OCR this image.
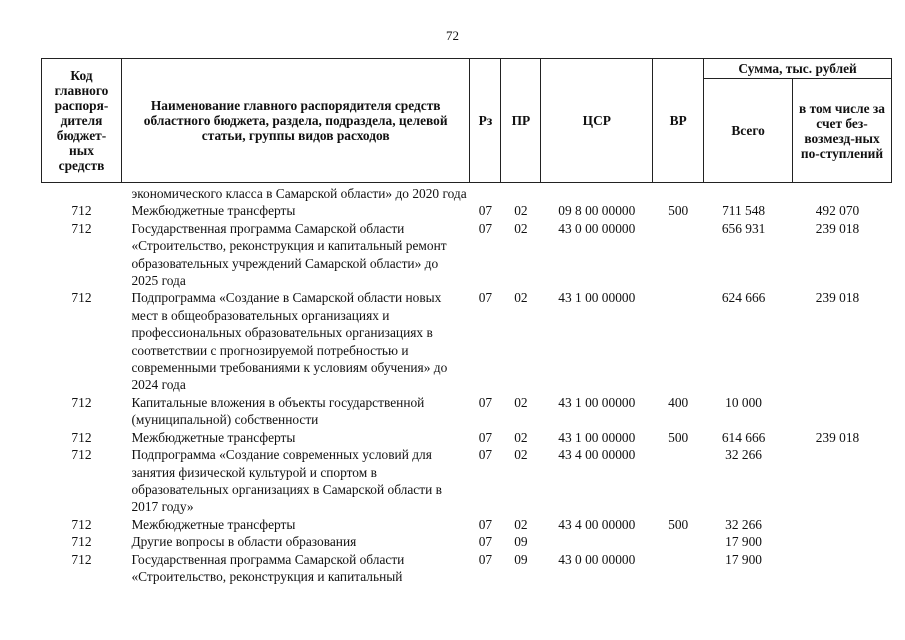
72
Код главного распоря-дителя бюджет-ных средств	Наименование главного распорядителя средств областного бюджета, раздела, подраздела, целевой статьи, группы видов расходов	Рз	ПР	ЦСР	ВР	Сумма, тыс. рублей	
						Всего	в том числе за счет без-возмезд-ных по-ступлений
	экономического класса в Самарской области» до 2020 года						
712	Межбюджетные трансферты	07	02	09 8 00 00000	500	711 548	492 070
712	Государственная программа Самарской области «Строительство, реконструкция и капитальный ремонт образовательных учреждений Самарской области» до 2025 года	07	02	43 0 00 00000		656 931	239 018
712	Подпрограмма «Создание в Самарской области новых мест в общеобразовательных организациях и профессиональных образовательных организациях в соответствии с прогнозируемой потребностью и современными требованиями к условиям обучения» до 2024 года	07	02	43 1 00 00000		624 666	239 018
712	Капитальные вложения в объекты государственной (муниципальной) собственности	07	02	43 1 00 00000	400	10 000	
712	Межбюджетные трансферты	07	02	43 1 00 00000	500	614 666	239 018
712	Подпрограмма «Создание современных условий для занятия физической культурой и спортом в образовательных организациях в Самарской области в 2017 году»	07	02	43 4 00 00000		32 266	
712	Межбюджетные трансферты	07	02	43 4 00 00000	500	32 266	
712	Другие вопросы в области образования	07	09			17 900	
712	Государственная программа Самарской области «Строительство, реконструкция и капитальный	07	09	43 0 00 00000		17 900	
